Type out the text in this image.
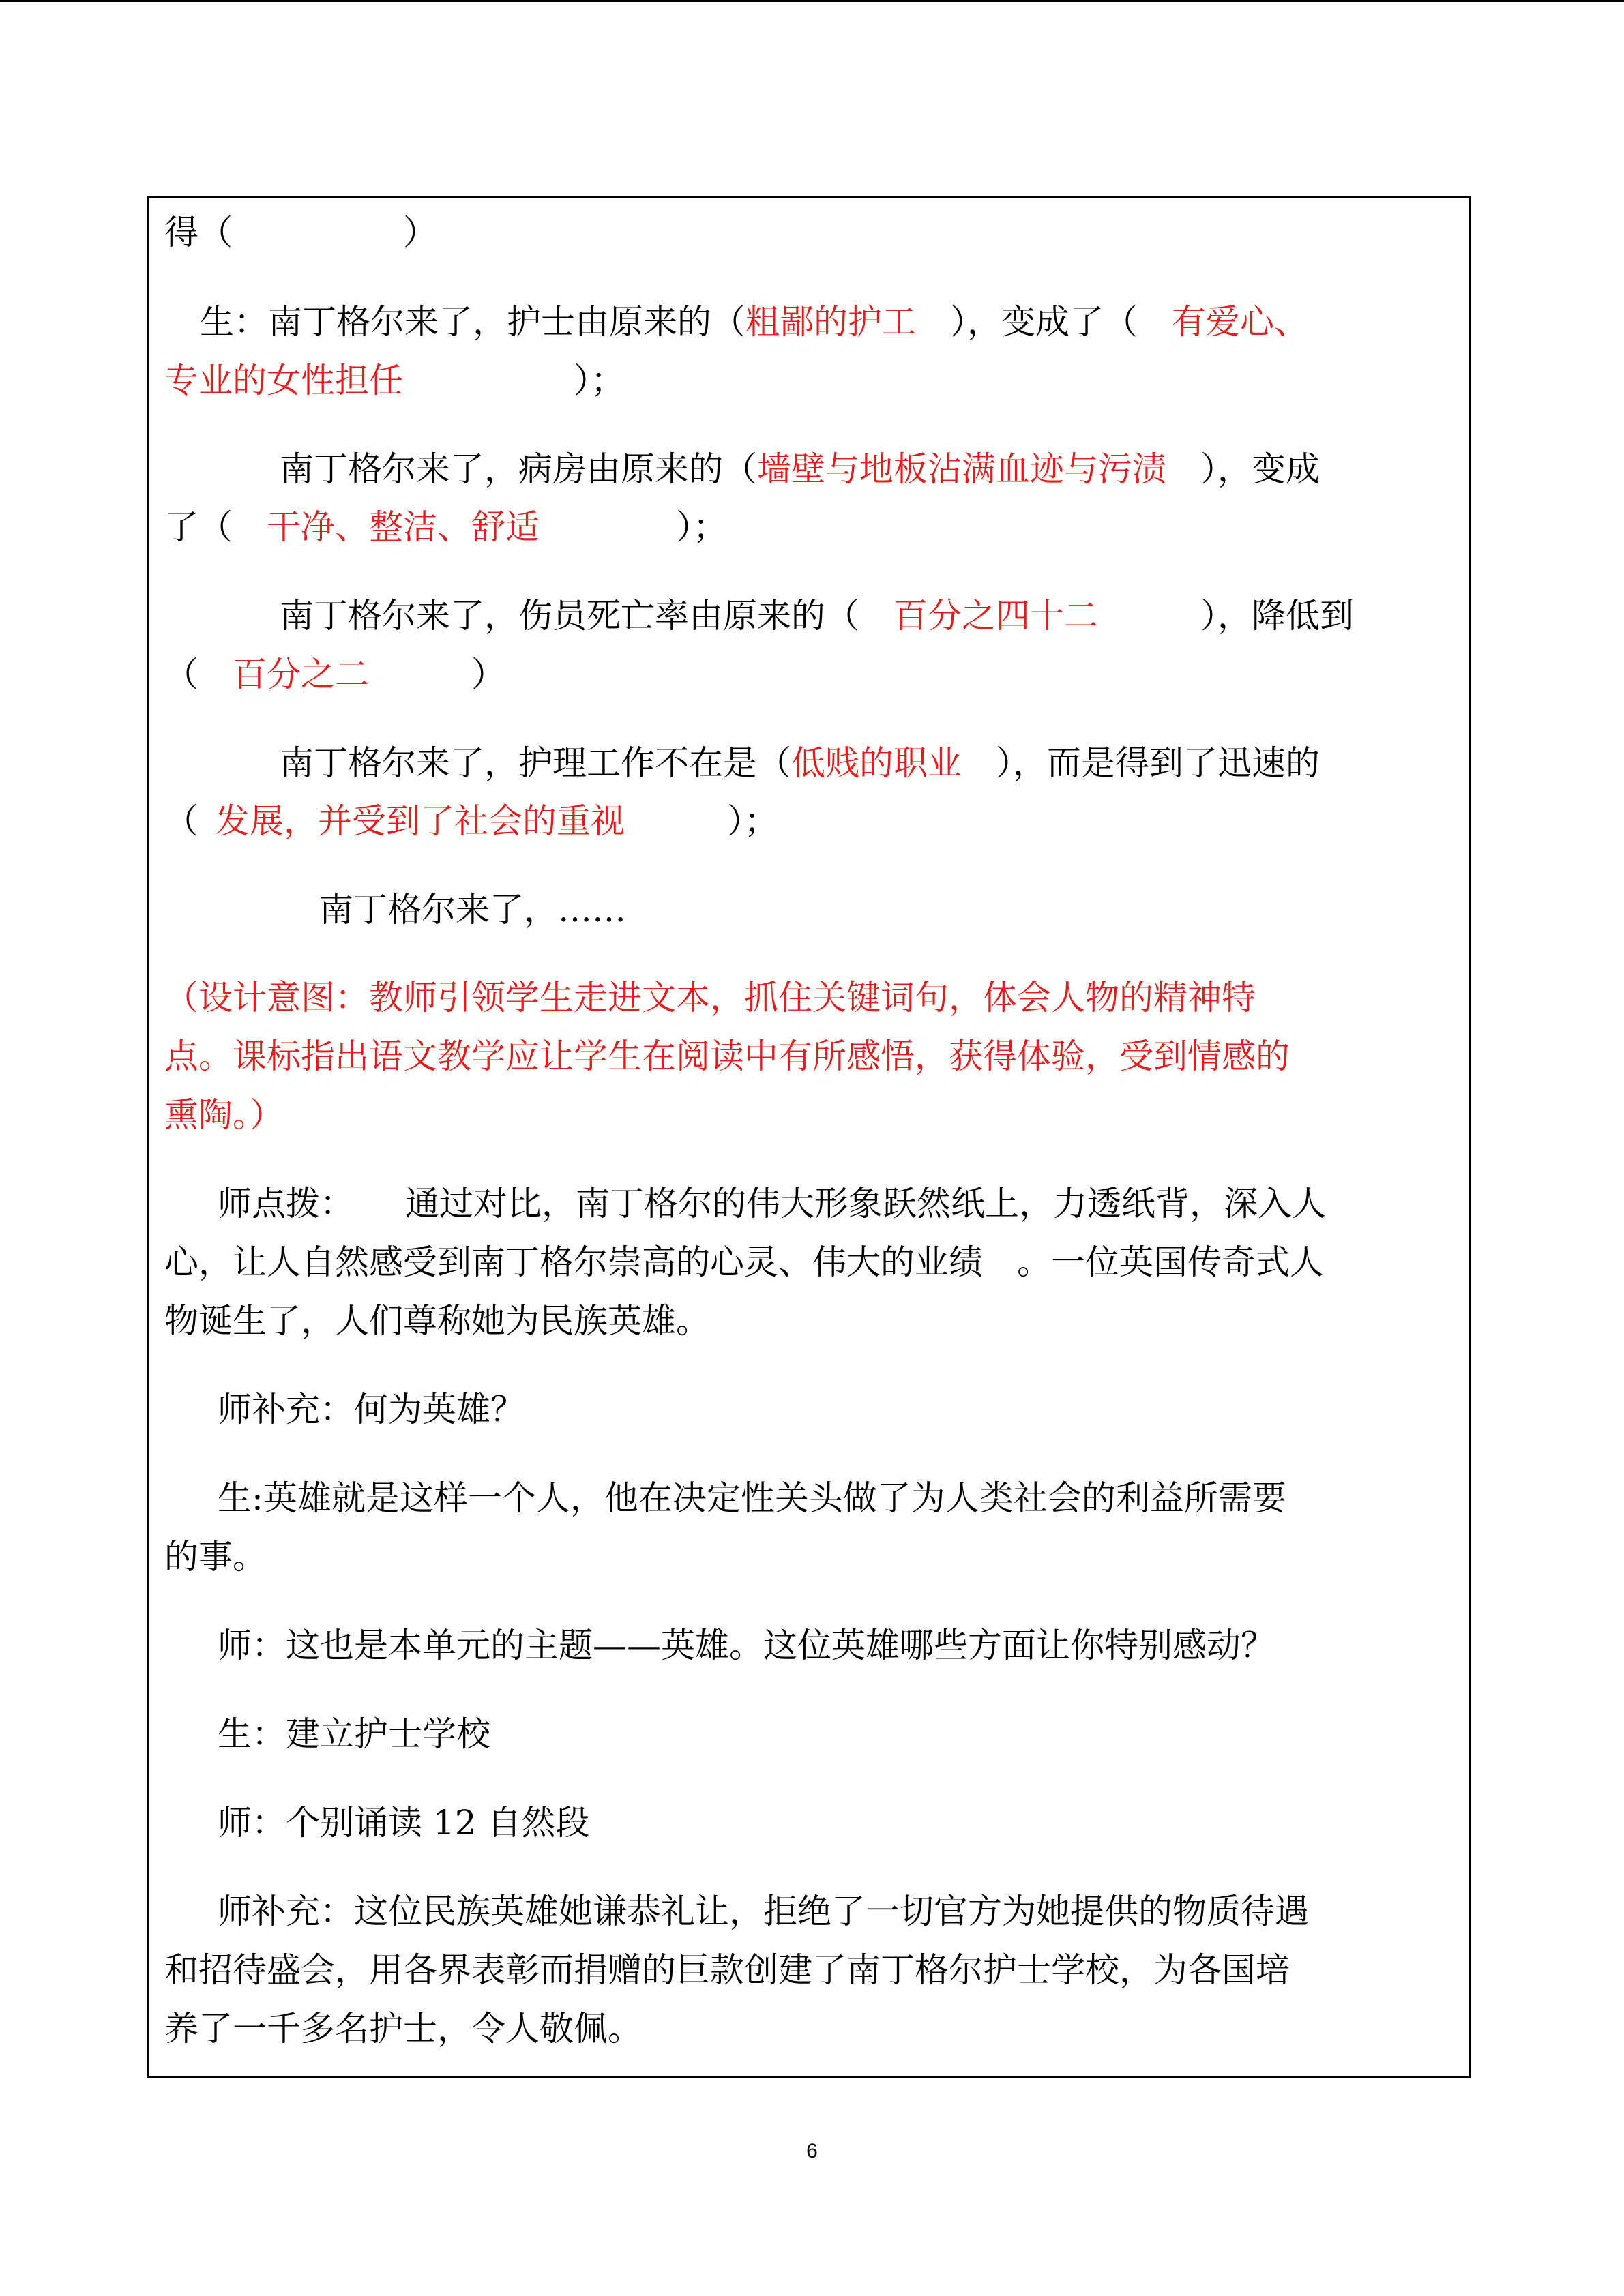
得（　　　　　）
生：南丁格尔来了，护士由原来的（粗鄙的护工　），变成了（　有爱心、
专业的女性担任　　　　　）；
南丁格尔来了，病房由原来的（墙壁与地板沾满血迹与污渍　），变成
了（　 干净、整洁、舒适　　　　）；
南丁格尔来了，伤员死亡率由原来的（　 百分之四十二　　　），降低到
（　 百分之二　　　）
南丁格尔来了，护理工作不在是（低贱的职业　），而是得到了迅速的
（  发展，并受到了社会的重视　　　）；
南丁格尔来了，……
（设计意图：教师引领学生走进文本，抓住关键词句，体会人物的精神特
点。课标指出语文教学应让学生在阅读中有所感悟，获得体验，受到情感的
熏陶。）
师点拨：　　通过对比，南丁格尔的伟大形象跃然纸上，力透纸背，深入人
心，让人自然感受到南丁格尔崇高的心灵、伟大的业绩　。一位英国传奇式人
物诞生了，人们尊称她为民族英雄。
师补充：何为英雄？
生:英雄就是这样一个人，他在决定性关头做了为人类社会的利益所需要
的事。
师：这也是本单元的主题——英雄。这位英雄哪些方面让你特别感动？
生：建立护士学校
师：个别诵读 12 自然段
师补充：这位民族英雄她谦恭礼让，拒绝了一切官方为她提供的物质待遇
和招待盛会，用各界表彰而捐赠的巨款创建了南丁格尔护士学校，为各国培
养了一千多名护士，令人敬佩。
6
